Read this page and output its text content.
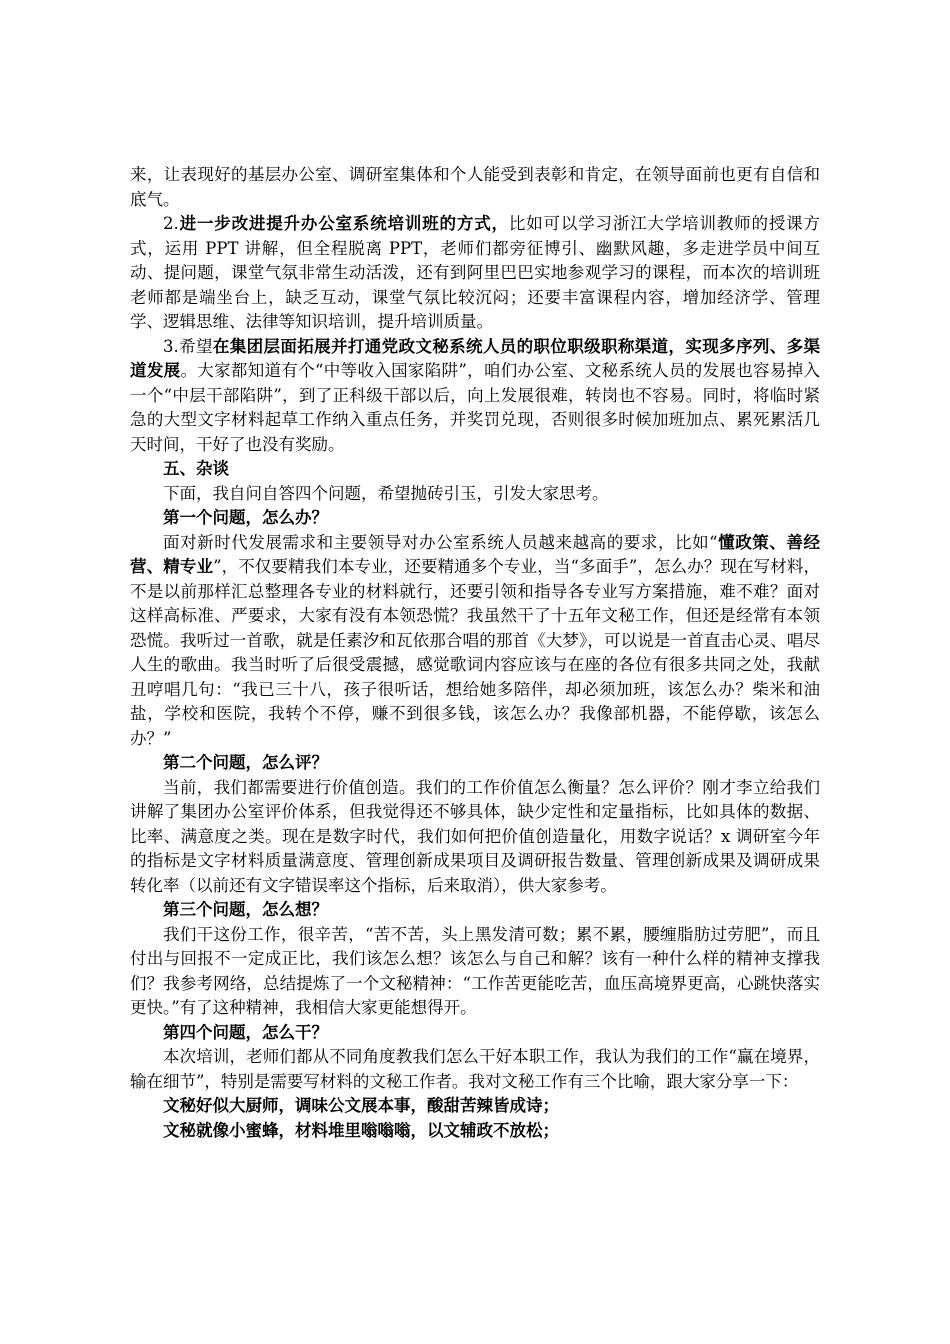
来，让表现好的基层办公室、调研室集体和个人能受到表彰和肯定，在领导面前也更有自信和底气。

2.进一步改进提升办公室系统培训班的方式，比如可以学习浙江大学培训教师的授课方式，运用 PPT 讲解，但全程脱离 PPT，老师们都旁征博引、幽默风趣，多走进学员中间互动、提问题，课堂气氛非常生动活泼，还有到阿里巴巴实地参观学习的课程，而本次的培训班老师都是端坐台上，缺乏互动，课堂气氛比较沉闷；还要丰富课程内容，增加经济学、管理学、逻辑思维、法律等知识培训，提升培训质量。

3.希望在集团层面拓展并打通党政文秘系统人员的职位职级职称渠道，实现多序列、多渠道发展。大家都知道有个“中等收入国家陷阱”，咱们办公室、文秘系统人员的发展也容易掉入一个“中层干部陷阱”，到了正科级干部以后，向上发展很难，转岗也不容易。同时，将临时紧急的大型文字材料起草工作纳入重点任务，并奖罚兑现，否则很多时候加班加点、累死累活几天时间，干好了也没有奖励。

五、杂谈

下面，我自问自答四个问题，希望抛砖引玉，引发大家思考。

第一个问题，怎么办？

面对新时代发展需求和主要领导对办公室系统人员越来越高的要求，比如“懂政策、善经营、精专业”，不仅要精我们本专业，还要精通多个专业，当“多面手”，怎么办？现在写材料，不是以前那样汇总整理各专业的材料就行，还要引领和指导各专业写方案措施，难不难？面对这样高标准、严要求，大家有没有本领恐慌？我虽然干了十五年文秘工作，但还是经常有本领恐慌。我听过一首歌，就是任素汐和瓦依那合唱的那首《大梦》，可以说是一首直击心灵、唱尽人生的歌曲。我当时听了后很受震撼，感觉歌词内容应该与在座的各位有很多共同之处，我献丑哼唱几句：“我已三十八，孩子很听话，想给她多陪伴，却必须加班，该怎么办？柴米和油盐，学校和医院，我转个不停，赚不到很多钱，该怎么办？我像部机器，不能停歇，该怎么办？”

第二个问题，怎么评？

当前，我们都需要进行价值创造。我们的工作价值怎么衡量？怎么评价？刚才李立给我们讲解了集团办公室评价体系，但我觉得还不够具体，缺少定性和定量指标，比如具体的数据、比率、满意度之类。现在是数字时代，我们如何把价值创造量化，用数字说话？x 调研室今年的指标是文字材料质量满意度、管理创新成果项目及调研报告数量、管理创新成果及调研成果转化率（以前还有文字错误率这个指标，后来取消），供大家参考。

第三个问题，怎么想？

我们干这份工作，很辛苦，“苦不苦，头上黑发清可数；累不累，腰缠脂肪过劳肥”，而且付出与回报不一定成正比，我们该怎么想？该怎么与自己和解？该有一种什么样的精神支撑我们？我参考网络，总结提炼了一个文秘精神：“工作苦更能吃苦，血压高境界更高，心跳快落实更快。”有了这种精神，我相信大家更能想得开。

第四个问题，怎么干？

本次培训，老师们都从不同角度教我们怎么干好本职工作，我认为我们的工作“赢在境界，输在细节”，特别是需要写材料的文秘工作者。我对文秘工作有三个比喻，跟大家分享一下：

文秘好似大厨师，调味公文展本事，酸甜苦辣皆成诗；

文秘就像小蜜蜂，材料堆里嗡嗡嗡，以文辅政不放松；
